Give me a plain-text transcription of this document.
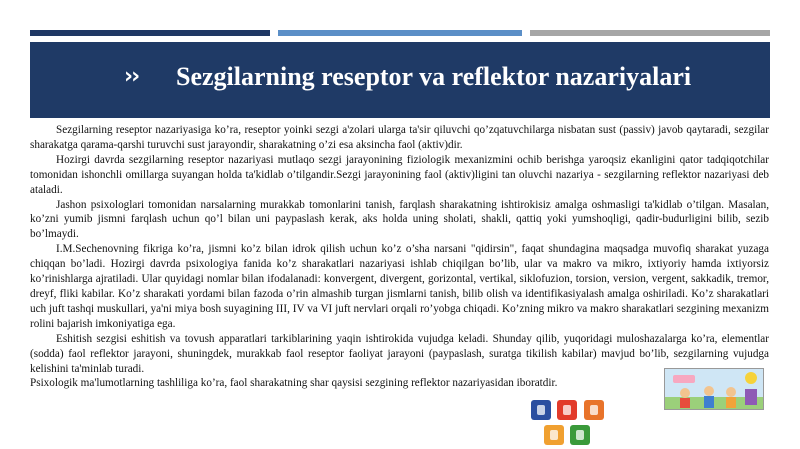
›› Sezgilarning reseptor va reflektor nazariyalari

Sezgilarning reseptor nazariyasiga ko’ra, reseptor yoinki sezgi a'zolari ularga ta'sir qiluvchi qo’zqatuvchilarga nisbatan sust (passiv) javob qaytaradi, sezgilar sharakatga qarama-qarshi turuvchi sust jarayondir, sharakatning o’zi esa aksincha faol (aktiv)dir.

Hozirgi davrda sezgilarning reseptor nazariyasi mutlaqo sezgi jarayonining fiziologik mexanizmini ochib berishga yaroqsiz ekanligini qator tadqiqotchilar tomonidan ishonchli omillarga suyangan holda ta'kidlab o’tilgandir.Sezgi jarayonining faol (aktiv)ligini tan oluvchi nazariya - sezgilarning reflektor nazariyasi deb ataladi.

Jashon psixologlari tomonidan narsalarning murakkab tomonlarini tanish, farqlash sharakatning ishtirokisiz amalga oshmasligi ta'kidlab o’tilgan. Masalan, ko’zni yumib jismni farqlash uchun qo’l bilan uni paypaslash kerak, aks holda uning sholati, shakli, qattiq yoki yumshoqligi, qadir-budurligini bilib, sezib bo’lmaydi.

I.M.Sechenovning fikriga ko’ra, jismni ko’z bilan idrok qilish uchun ko’z o’sha narsani "qidirsin", faqat shundagina maqsadga muvofiq sharakat yuzaga chiqqan bo’ladi. Hozirgi davrda psixologiya fanida ko’z sharakatlari nazariyasi ishlab chiqilgan bo’lib, ular va makro va mikro, ixtiyoriy hamda ixtiyorsiz ko’rinishlarga ajratiladi. Ular quyidagi nomlar bilan ifodalanadi: konvergent, divergent, gorizontal, vertikal, siklofuzion, torsion, version, vergent, sakkadik, tremor, dreyf, fliki kabilar. Ko’z sharakati yordami bilan fazoda o’rin almashib turgan jismlarni tanish, bilib olish va identifikasiyalash amalga oshiriladi. Ko’z sharakatlari uch juft tashqi muskullari, ya'ni miya bosh suyagining III, IV va VI juft nervlari orqali ro’yobga chiqadi. Ko’zning mikro va makro sharakatlari sezgining mexanizm rolini bajarish imkoniyatiga ega.

Eshitish sezgisi eshitish va tovush apparatlari tarkiblarining yaqin ishtirokida vujudga keladi. Shunday qilib, yuqoridagi muloshazalarga ko’ra, elementlar (sodda) faol reflektor jarayoni, shuningdek, murakkab faol reseptor faoliyat jarayoni (paypaslash, suratga tikilish kabilar) mavjud bo’lib, sezgilarning vujudga kelishini ta'minlab turadi.

Psixologik ma'lumotlarning tashliliga ko’ra, faol sharakatning shar qaysisi sezgining reflektor nazariyasidan iboratdir.
